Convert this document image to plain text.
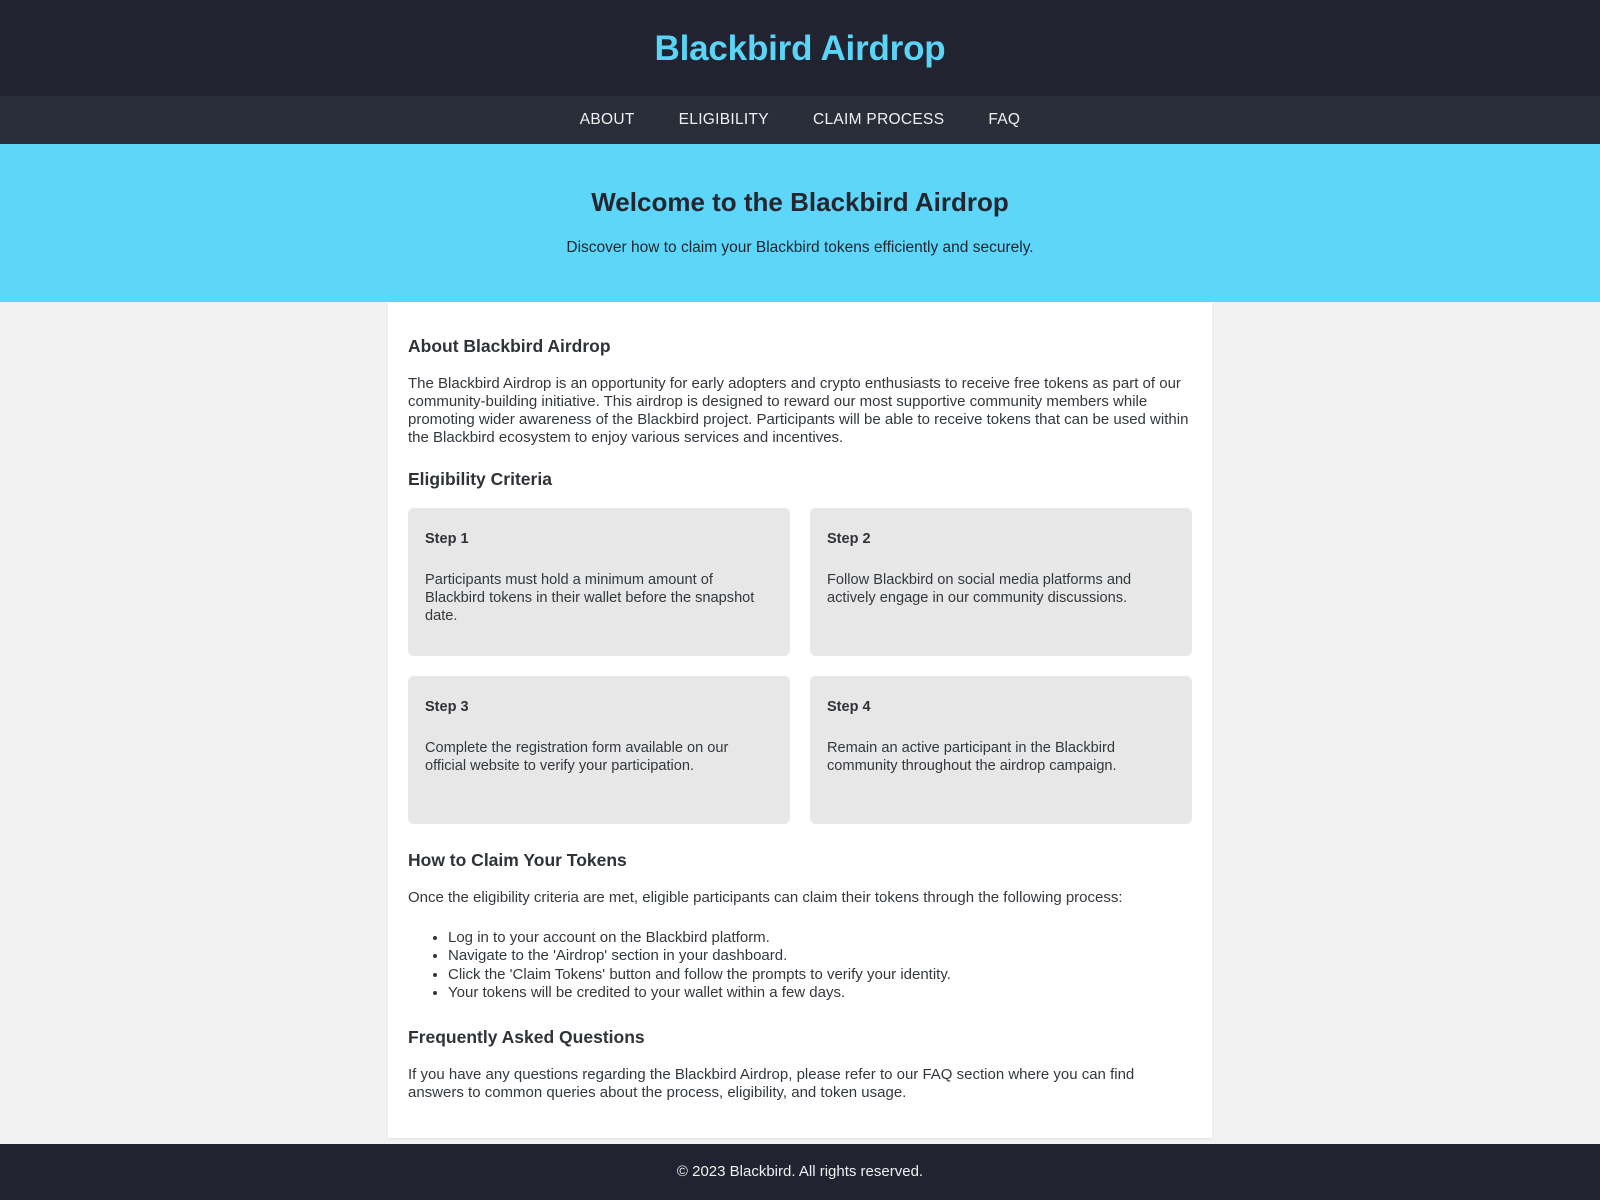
Blackbird Airdrop
ABOUT	ELIGIBILITY	CLAIM PROCESS	FAQ
Welcome to the Blackbird Airdrop

Discover how to claim your Blackbird tokens efficiently and securely.

About Blackbird Airdrop

The Blackbird Airdrop is an opportunity for early adopters and crypto enthusiasts to receive free tokens as part of our community-building initiative. This airdrop is designed to reward our most supportive community members while promoting wider awareness of the Blackbird project. Participants will be able to receive tokens that can be used within the Blackbird ecosystem to enjoy various services and incentives.

Eligibility Criteria
Step 1

Participants must hold a minimum amount of Blackbird tokens in their wallet before the snapshot date.

Step 2

Follow Blackbird on social media platforms and actively engage in our community discussions.

Step 3

Complete the registration form available on our official website to verify your participation.

Step 4

Remain an active participant in the Blackbird community throughout the airdrop campaign.

How to Claim Your Tokens

Once the eligibility criteria are met, eligible participants can claim their tokens through the following process:

• Log in to your account on the Blackbird platform.
• Navigate to the 'Airdrop' section in your dashboard.
• Click the 'Claim Tokens' button and follow the prompts to verify your identity.
• Your tokens will be credited to your wallet within a few days.
Frequently Asked Questions

If you have any questions regarding the Blackbird Airdrop, please refer to our FAQ section where you can find answers to common queries about the process, eligibility, and token usage.

© 2023 Blackbird. All rights reserved.
